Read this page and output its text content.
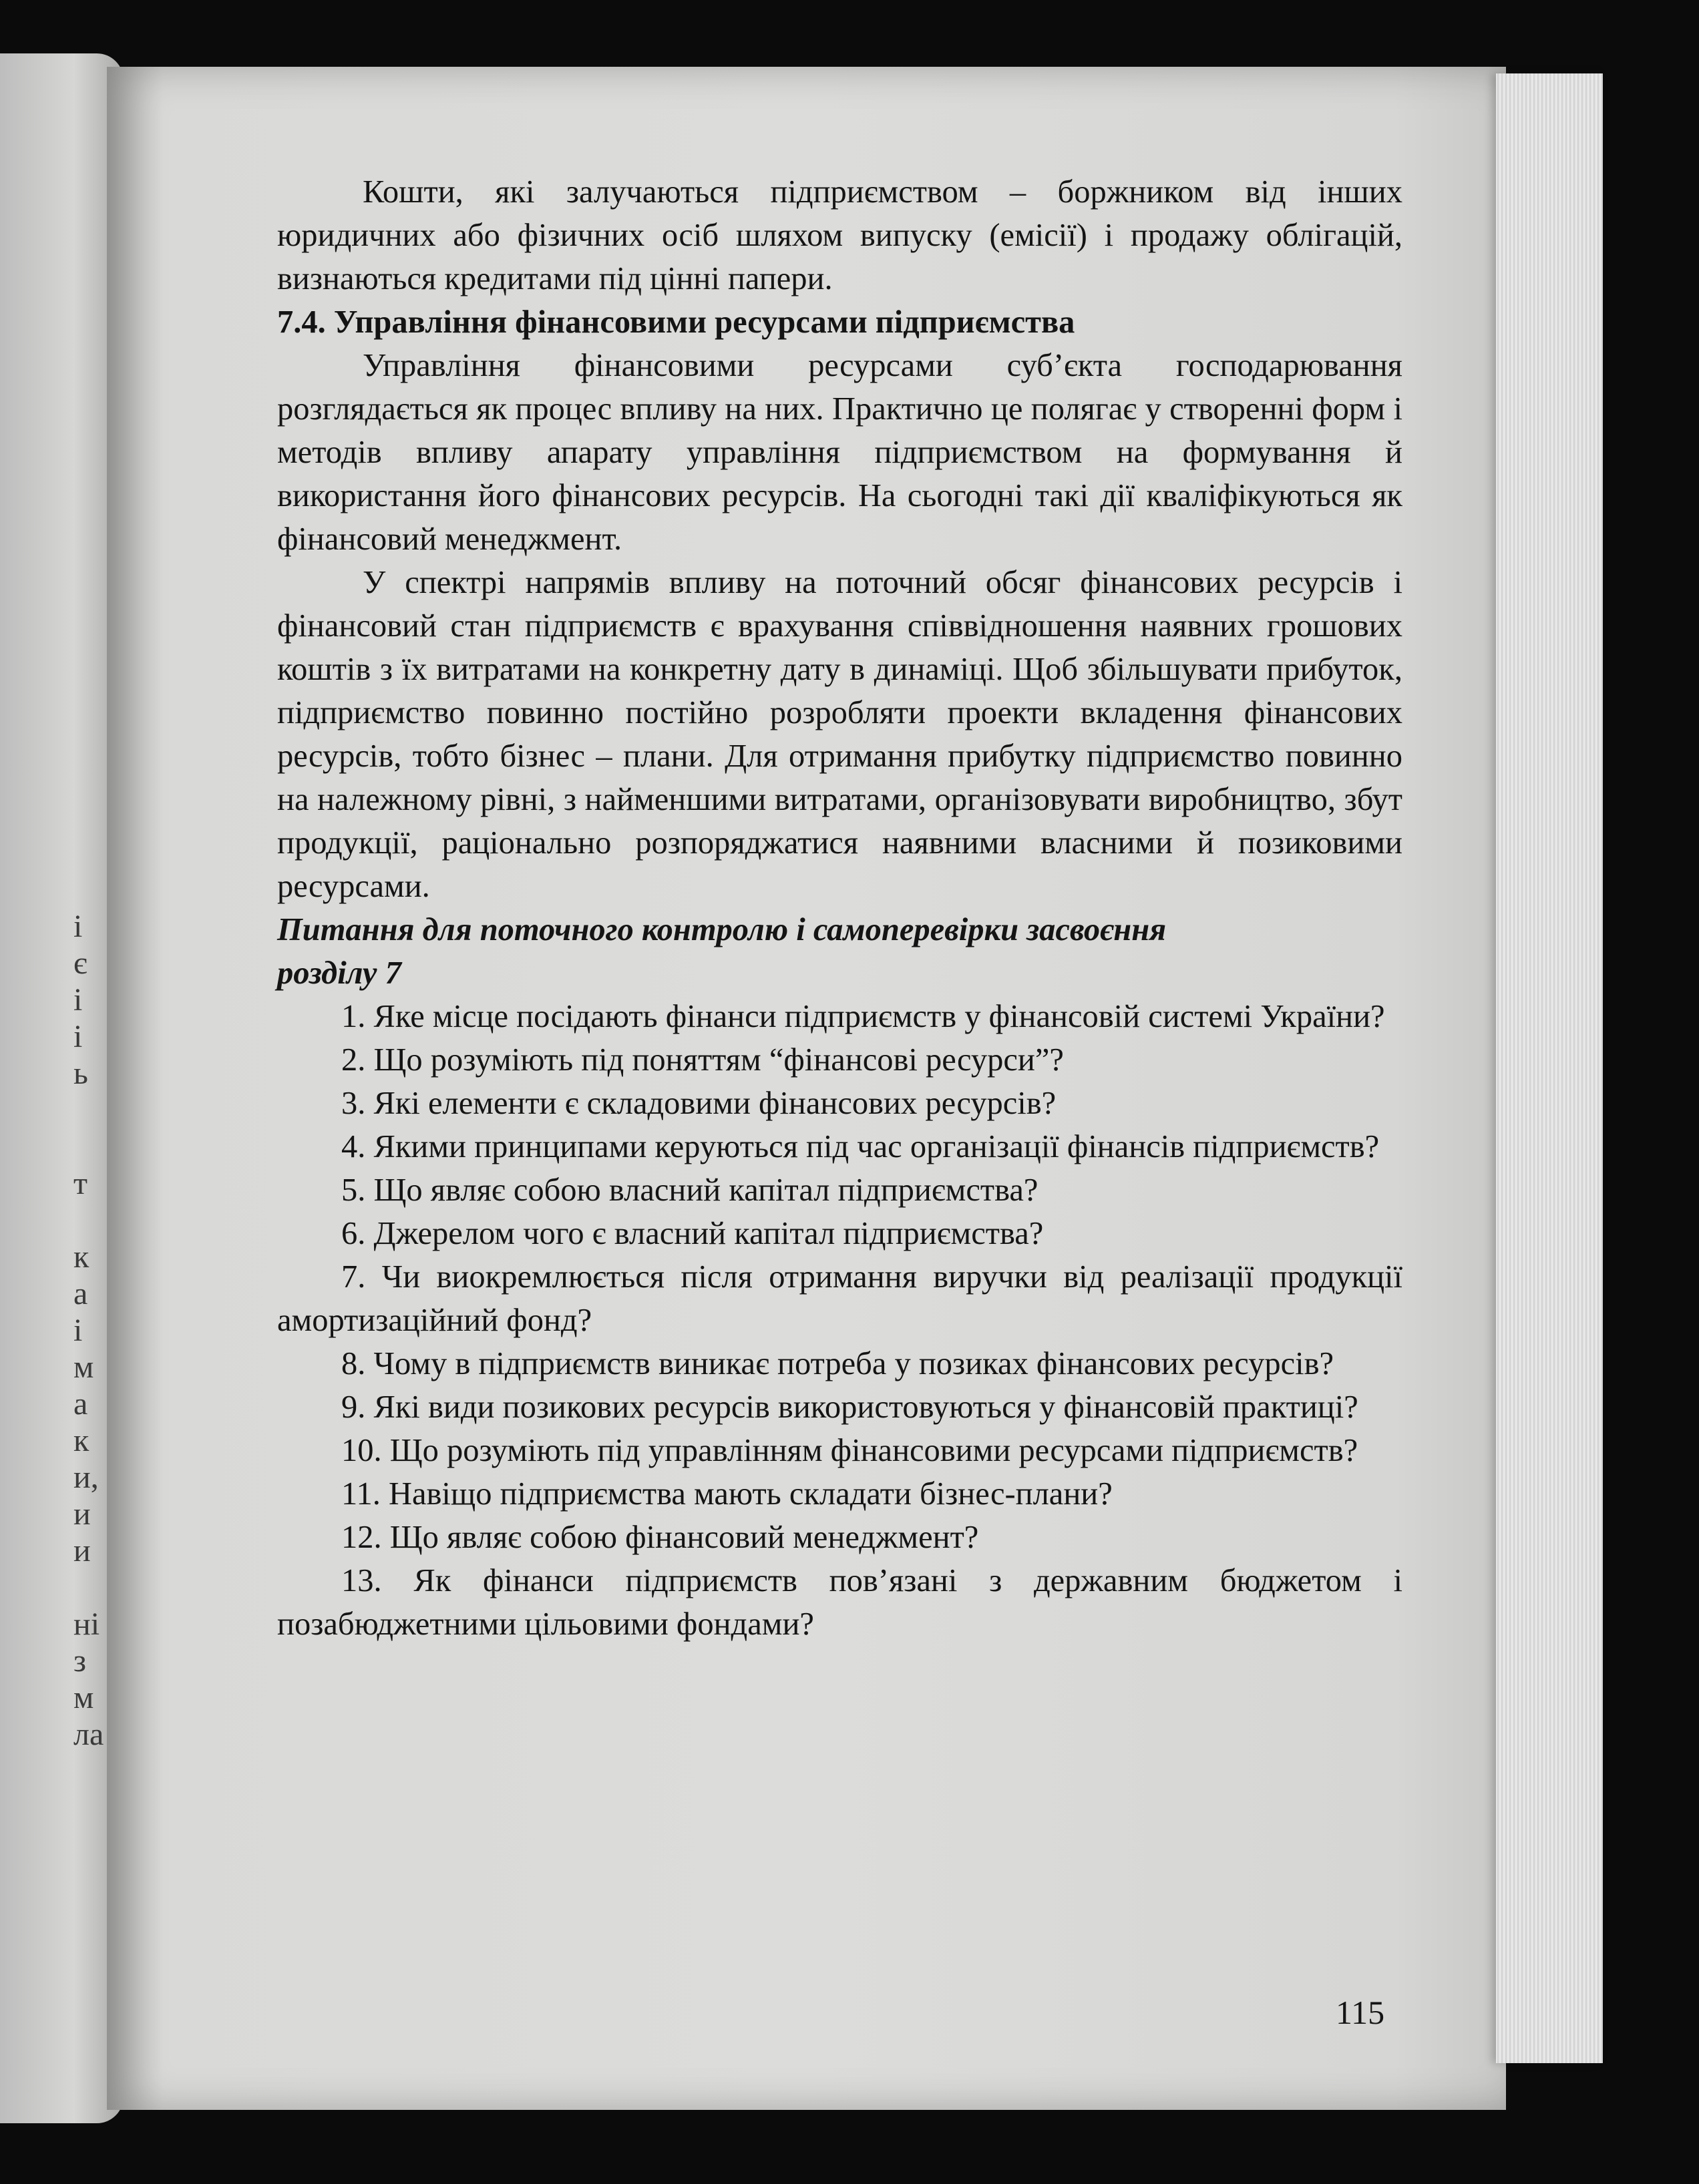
і
є
і
і
ь
т
к
а
і
м
а
к
и,
и
и
ні
з
м
ла

Кошти, які залучаються підприємством – боржником від інших юридичних або фізичних осіб шляхом випуску (емісії) і продажу облігацій, визнаються кредитами під цінні папери.

7.4. Управління фінансовими ресурсами підприємства

Управління фінансовими ресурсами суб’єкта господарювання розглядається як процес впливу на них. Практично це полягає у створенні форм і методів впливу апарату управління підприємством на формування й використання його фінансових ресурсів. На сьогодні такі дії кваліфікуються як фінансовий менеджмент.

У спектрі напрямів впливу на поточний обсяг фінансових ресурсів і фінансовий стан підприємств є врахування співвідношення наявних грошових коштів з їх витратами на конкретну дату в динаміці. Щоб збільшувати прибуток, підприємство повинно постійно розробляти проекти вкладення фінансових ресурсів, тобто бізнес – плани. Для отримання прибутку підприємство повинно на належному рівні, з найменшими витратами, організовувати виробництво, збут продукції, раціонально розпоряджатися наявними власними й позиковими ресурсами.

Питання для поточного контролю і самоперевірки засвоєння
розділу 7

1. Яке місце посідають фінанси підприємств у фінансовій системі України?

2. Що розуміють під поняттям “фінансові ресурси”?

3. Які елементи є складовими фінансових ресурсів?

4. Якими принципами керуються під час організації фінансів підприємств?

5. Що являє собою власний капітал підприємства?

6. Джерелом чого є власний капітал підприємства?

7. Чи виокремлюється після отримання виручки від реалізації продукції амортизаційний фонд?

8. Чому в підприємств виникає потреба у позиках фінансових ресурсів?

9. Які види позикових ресурсів використовуються у фінансовій практиці?

10. Що розуміють під управлінням фінансовими ресурсами підприємств?

11. Навіщо підприємства мають складати бізнес-плани?

12. Що являє собою фінансовий менеджмент?

13. Як фінанси підприємств пов’язані з державним бюджетом і позабюджетними цільовими фондами?

115
